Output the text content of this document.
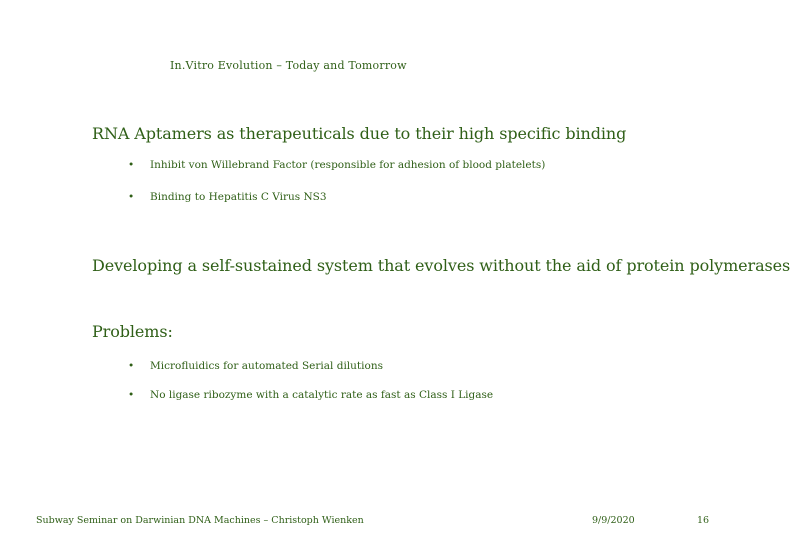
In.Vitro Evolution – Today and Tomorrow
RNA Aptamers as therapeuticals due to their high specific binding
• Inhibit von Willebrand Factor (responsible for adhesion of blood platelets)
• Binding to Hepatitis C Virus NS3
Developing a self-sustained system that evolves without the aid of protein polymerases
Problems:
• Microfluidics for automated Serial dilutions
• No ligase ribozyme with a catalytic rate as fast as Class I Ligase
Subway Seminar on Darwinian DNA Machines – Christoph Wienken	9/9/2020	16
